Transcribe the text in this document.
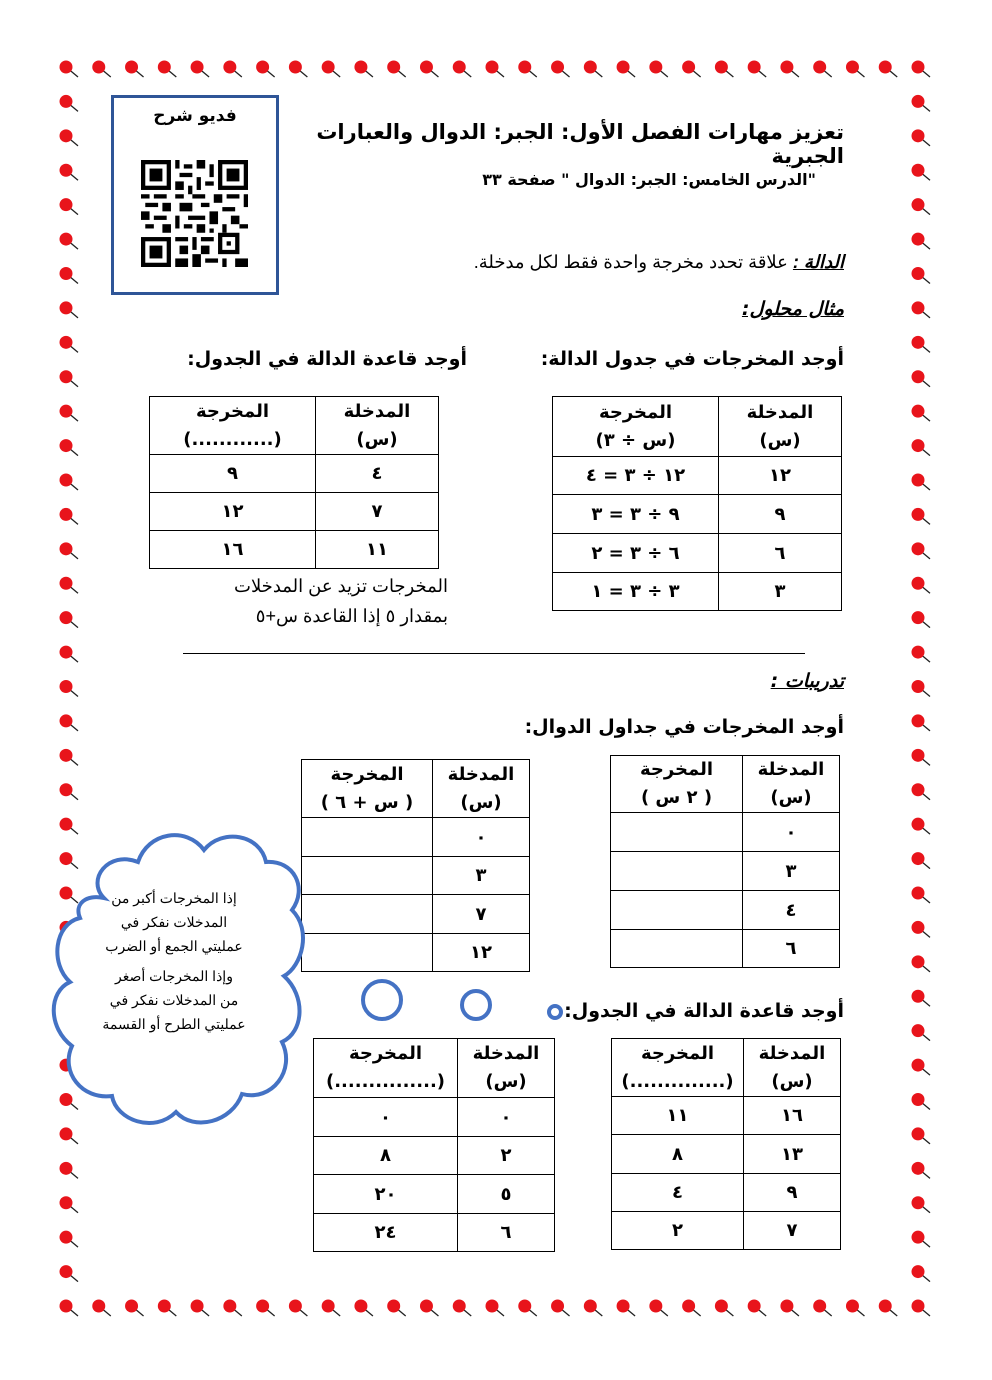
فديو شرح
تعزيز مهارات الفصل الأول: الجبر: الدوال والعبارات الجبرية
"الدرس الخامس: الجبر: الدوال " صفحة ٣٣
الدالة : علاقة تحدد مخرجة واحدة فقط لكل مدخلة.
مثال محلول:
أوجد المخرجات في جدول الدالة:
أوجد قاعدة الدالة في الجدول:
المدخلة
(س)	المخرجة
(س ÷ ٣)
١٢	١٢ ÷ ٣ = ٤
٩	٩ ÷ ٣ = ٣
٦	٦ ÷ ٣ = ٢
٣	٣ ÷ ٣ = ١
المدخلة
(س)	المخرجة
(............)
٤	٩
٧	١٢
١١	١٦
المخرجات تزيد عن المدخلات
بمقدار ٥ إذا القاعدة س+٥
تدريبات :
أوجد المخرجات في جداول الدوال:
المدخلة
(س)	المخرجة
( ٢ س )
٠	
٣	
٤	
٦	
المدخلة
(س)	المخرجة
( س + ٦ )
٠	
٣	
٧	
١٢	
أوجد قاعدة الدالة في الجدول:
المدخلة
(س)	المخرجة
(..............)
١٦	١١
١٣	٨
٩	٤
٧	٢
المدخلة
(س)	المخرجة
(...............)
٠	٠
٢	٨
٥	٢٠
٦	٢٤
إذا المخرجات أكبر من
المدخلات نفكر في
عمليتي الجمع أو الضرب
وإذا المخرجات أصغر
من المدخلات نفكر في
عمليتي الطرح أو القسمة
